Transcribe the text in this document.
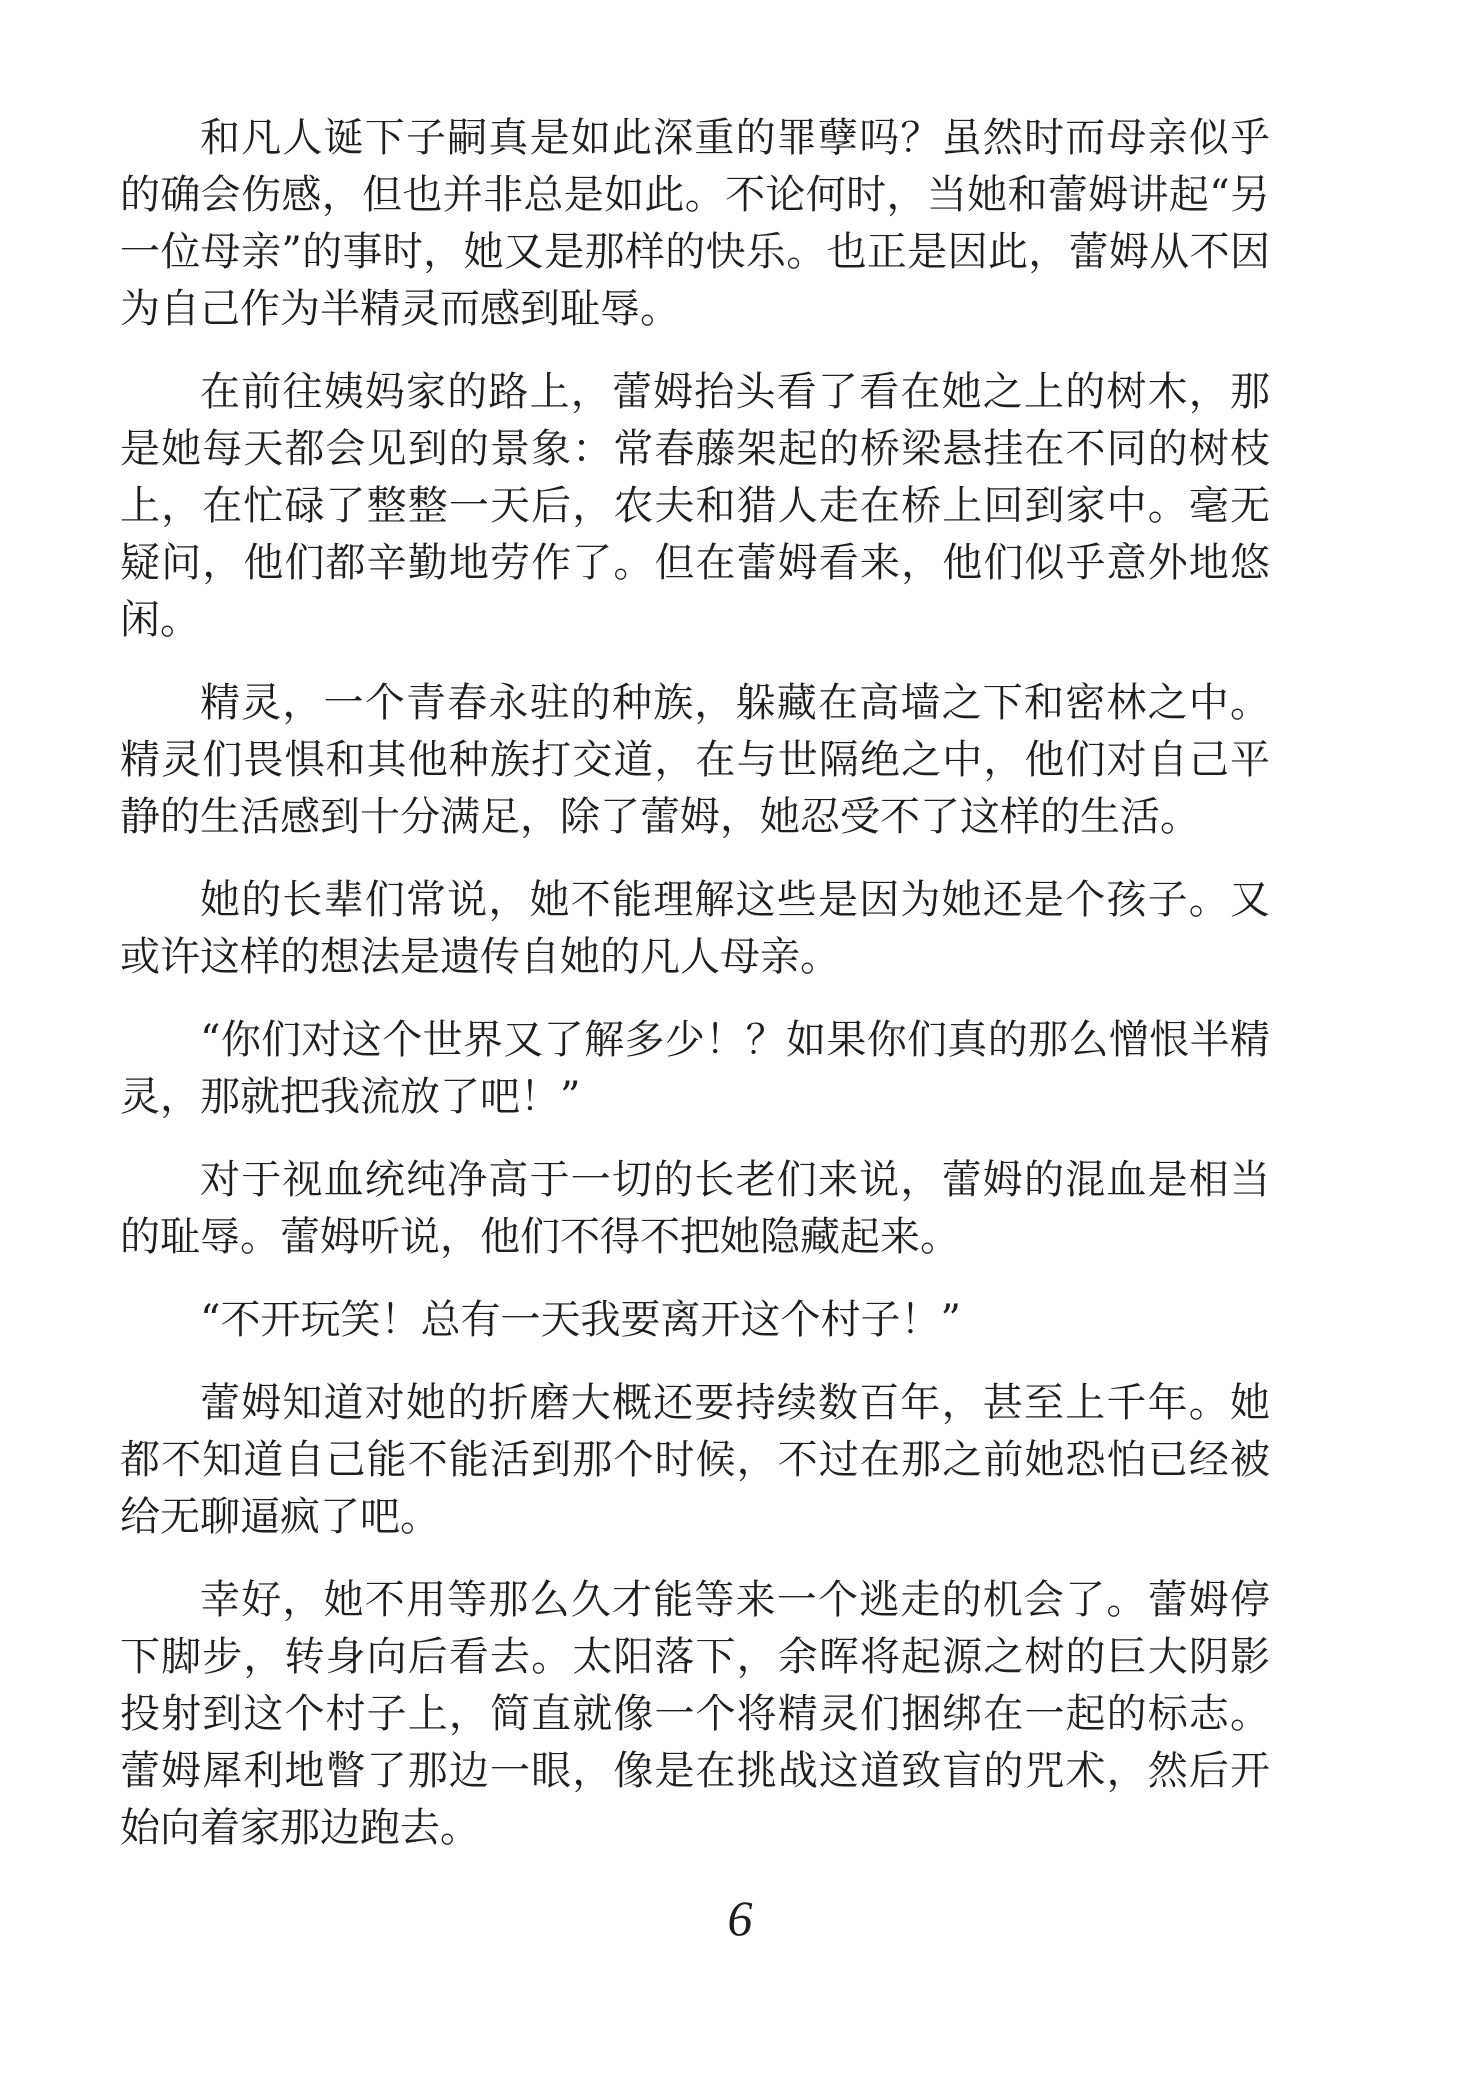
和凡人诞下子嗣真是如此深重的罪孽吗？虽然时而母亲似乎的确会伤感，但也并非总是如此。不论何时，当她和蕾姆讲起“另一位母亲”的事时，她又是那样的快乐。也正是因此，蕾姆从不因为自己作为半精灵而感到耻辱。

在前往姨妈家的路上，蕾姆抬头看了看在她之上的树木，那是她每天都会见到的景象：常春藤架起的桥梁悬挂在不同的树枝上，在忙碌了整整一天后，农夫和猎人走在桥上回到家中。毫无疑问，他们都辛勤地劳作了。但在蕾姆看来，他们似乎意外地悠闲。

精灵，一个青春永驻的种族，躲藏在高墙之下和密林之中。精灵们畏惧和其他种族打交道，在与世隔绝之中，他们对自己平静的生活感到十分满足，除了蕾姆，她忍受不了这样的生活。

她的长辈们常说，她不能理解这些是因为她还是个孩子。又或许这样的想法是遗传自她的凡人母亲。

“你们对这个世界又了解多少！？如果你们真的那么憎恨半精灵，那就把我流放了吧！”

对于视血统纯净高于一切的长老们来说，蕾姆的混血是相当的耻辱。蕾姆听说，他们不得不把她隐藏起来。

“不开玩笑！总有一天我要离开这个村子！”

蕾姆知道对她的折磨大概还要持续数百年，甚至上千年。她都不知道自己能不能活到那个时候，不过在那之前她恐怕已经被给无聊逼疯了吧。

幸好，她不用等那么久才能等来一个逃走的机会了。蕾姆停下脚步，转身向后看去。太阳落下，余晖将起源之树的巨大阴影投射到这个村子上，简直就像一个将精灵们捆绑在一起的标志。蕾姆犀利地瞥了那边一眼，像是在挑战这道致盲的咒术，然后开始向着家那边跑去。

6
